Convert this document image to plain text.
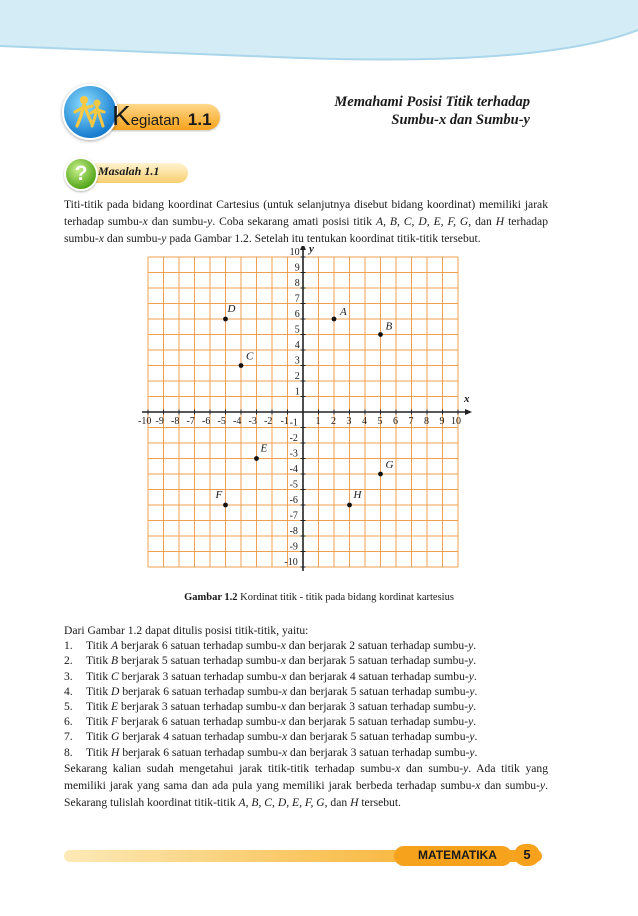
Kegiatan 1.1
Memahami Posisi Titik terhadap
Sumbu-x dan Sumbu-y
? Masalah 1.1

Titi-titik pada bidang koordinat Cartesius (untuk selanjutnya disebut bidang koordinat) memiliki jarak terhadap sumbu-x dan sumbu-y. Coba sekarang amati posisi titik A, B, C, D, E, F, G, dan H terhadap sumbu-x dan sumbu-y pada Gambar 1.2. Setelah itu tentukan koordinat titik-titik tersebut.

-10 -9 -8 -7 -6 -5 -4 -3 -2 -1	1 2 3 4 5 6 7 8 9 10
10
9
8
7
6
5
4
3
2
1
-1
-2
-3
-4
-5
-6
-7
-8
-9
-10
x
y
A
B
C
D
E
F
G
H
Gambar 1.2 Kordinat titik - titik pada bidang kordinat kartesius
Dari Gambar 1.2 dapat ditulis posisi titik-titik, yaitu:
1. Titik A berjarak 6 satuan terhadap sumbu-x dan berjarak 2 satuan terhadap sumbu-y.
2. Titik B berjarak 5 satuan terhadap sumbu-x dan berjarak 5 satuan terhadap sumbu-y.
3. Titik C berjarak 3 satuan terhadap sumbu-x dan berjarak 4 satuan terhadap sumbu-y.
4. Titik D berjarak 6 satuan terhadap sumbu-x dan berjarak 5 satuan terhadap sumbu-y.
5. Titik E berjarak 3 satuan terhadap sumbu-x dan berjarak 3 satuan terhadap sumbu-y.
6. Titik F berjarak 6 satuan terhadap sumbu-x dan berjarak 5 satuan terhadap sumbu-y.
7. Titik G berjarak 4 satuan terhadap sumbu-x dan berjarak 5 satuan terhadap sumbu-y.
8. Titik H berjarak 6 satuan terhadap sumbu-x dan berjarak 3 satuan terhadap sumbu-y.

Sekarang kalian sudah mengetahui jarak titik-titik terhadap sumbu-x dan sumbu-y. Ada titik yang memiliki jarak yang sama dan ada pula yang memiliki jarak berbeda terhadap sumbu-x dan sumbu-y. Sekarang tulislah koordinat titik-titik A, B, C, D, E, F, G, dan H tersebut.

MATEMATIKA	5
